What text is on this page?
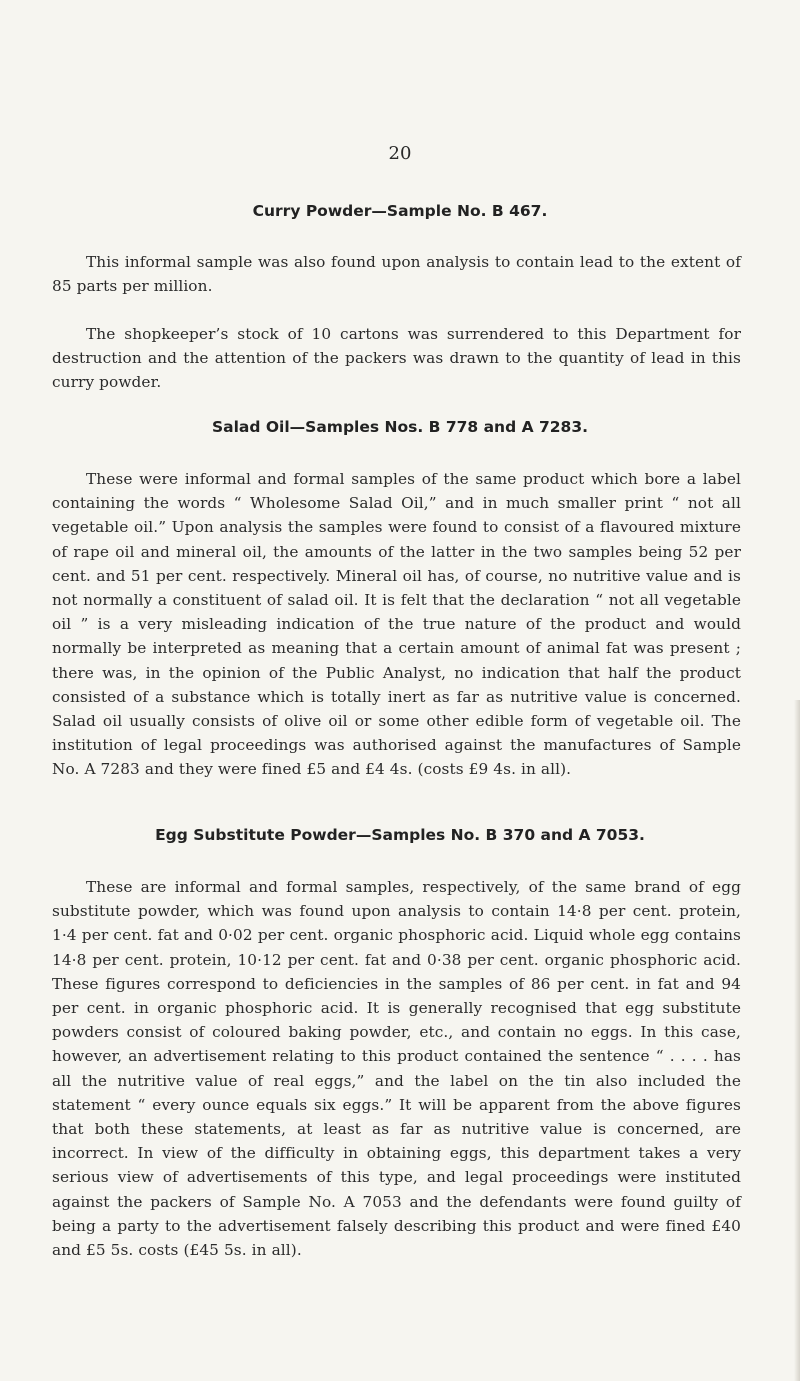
20
Curry Powder—Sample No. B 467.
This informal sample was also found upon analysis to contain lead to the extent of 85 parts per million.
The shopkeeper’s stock of 10 cartons was surrendered to this Department for destruction and the attention of the packers was drawn to the quantity of lead in this curry powder.
Salad Oil—Samples Nos. B 778 and A 7283.
These were informal and formal samples of the same product which bore a label containing the words “ Wholesome Salad Oil,” and in much smaller print “ not all vegetable oil.” Upon analysis the samples were found to consist of a flavoured mixture of rape oil and mineral oil, the amounts of the latter in the two samples being 52 per cent. and 51 per cent. respectively. Mineral oil has, of course, no nutritive value and is not normally a constituent of salad oil. It is felt that the declaration “ not all vegetable oil ” is a very misleading indication of the true nature of the product and would normally be interpreted as meaning that a certain amount of animal fat was present ; there was, in the opinion of the Public Analyst, no indication that half the product consisted of a substance which is totally inert as far as nutritive value is concerned. Salad oil usually consists of olive oil or some other edible form of vegetable oil. The institution of legal proceedings was authorised against the manufactures of Sample No. A 7283 and they were fined £5 and £4 4s. (costs £9 4s. in all).
Egg Substitute Powder—Samples No. B 370 and A 7053.
These are informal and formal samples, respectively, of the same brand of egg substitute powder, which was found upon analysis to contain 14·8 per cent. protein, 1·4 per cent. fat and 0·02 per cent. organic phosphoric acid. Liquid whole egg contains 14·8 per cent. protein, 10·12 per cent. fat and 0·38 per cent. organic phosphoric acid. These figures correspond to deficiencies in the samples of 86 per cent. in fat and 94 per cent. in organic phosphoric acid. It is generally recognised that egg substitute powders consist of coloured baking powder, etc., and contain no eggs. In this case, however, an advertisement relating to this product contained the sentence “ . . . . has all the nutritive value of real eggs,” and the label on the tin also included the statement “ every ounce equals six eggs.” It will be apparent from the above figures that both these statements, at least as far as nutritive value is concerned, are incorrect. In view of the difficulty in obtaining eggs, this department takes a very serious view of advertisements of this type, and legal proceedings were instituted against the packers of Sample No. A 7053 and the defendants were found guilty of being a party to the advertisement falsely describing this product and were fined £40 and £5 5s. costs (£45 5s. in all).
